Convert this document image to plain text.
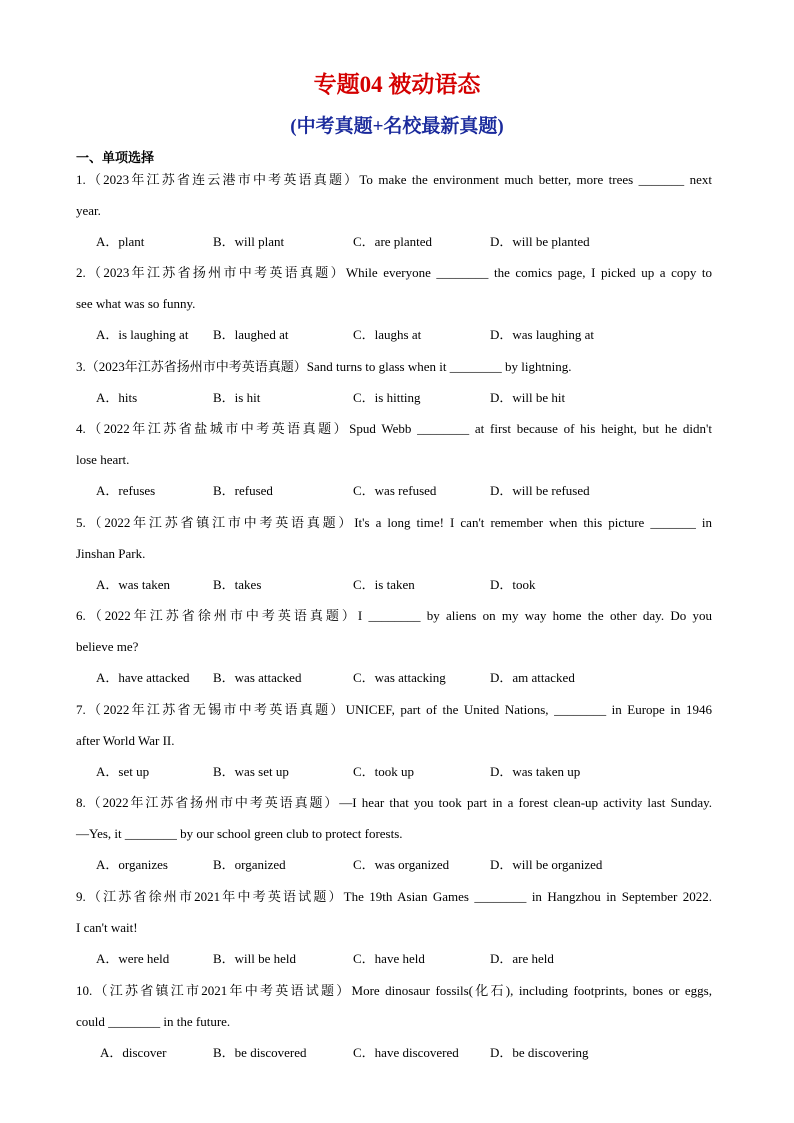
专题04 被动语态
(中考真题+名校最新真题)
一、单项选择
1.（2023年江苏省连云港市中考英语真题）To make the environment much better, more trees _______ next
year.
A．plant	B．will plant	C．are planted	D．will be planted
2.（2023年江苏省扬州市中考英语真题）While everyone ________ the comics page, I picked up a copy to
see what was so funny.
A．is laughing at B．laughed at	C．laughs at	D．was laughing at
3.（2023年江苏省扬州市中考英语真题）Sand turns to glass when it ________ by lightning.
A．hits	B．is hit	C．is hitting	D．will be hit
4.（2022年江苏省盐城市中考英语真题）Spud Webb ________ at first because of his height, but he didn't
lose heart.
A．refuses	B．refused	C．was refused	D．will be refused
5.（2022年江苏省镇江市中考英语真题）It's a long time! I can't remember when this picture _______ in
Jinshan Park.
A．was taken	B．takes	C．is taken	D．took
6.（2022年江苏省徐州市中考英语真题）I ________ by aliens on my way home the other day. Do you
believe me?
A．have attacked B．was attacked	C．was attacking	D．am attacked
7.（2022年江苏省无锡市中考英语真题）UNICEF, part of the United Nations, ________ in Europe in 1946
after World War II.
A．set up	B．was set up	C．took up	D．was taken up
8.（2022年江苏省扬州市中考英语真题）—I hear that you took part in a forest clean-up activity last Sunday.
—Yes, it ________ by our school green club to protect forests.
A．organizes	B．organized	C．was organized	D．will be organized
9.（江苏省徐州市2021年中考英语试题）The 19th Asian Games ________ in Hangzhou in September 2022.
I can't wait!
A．were held	B．will be held	C．have held	D．are held
10.（江苏省镇江市2021年中考英语试题）More dinosaur fossils(化石), including footprints, bones or eggs,
could ________ in the future.
A．discover	B．be discovered	C．have discovered D．be discovering
